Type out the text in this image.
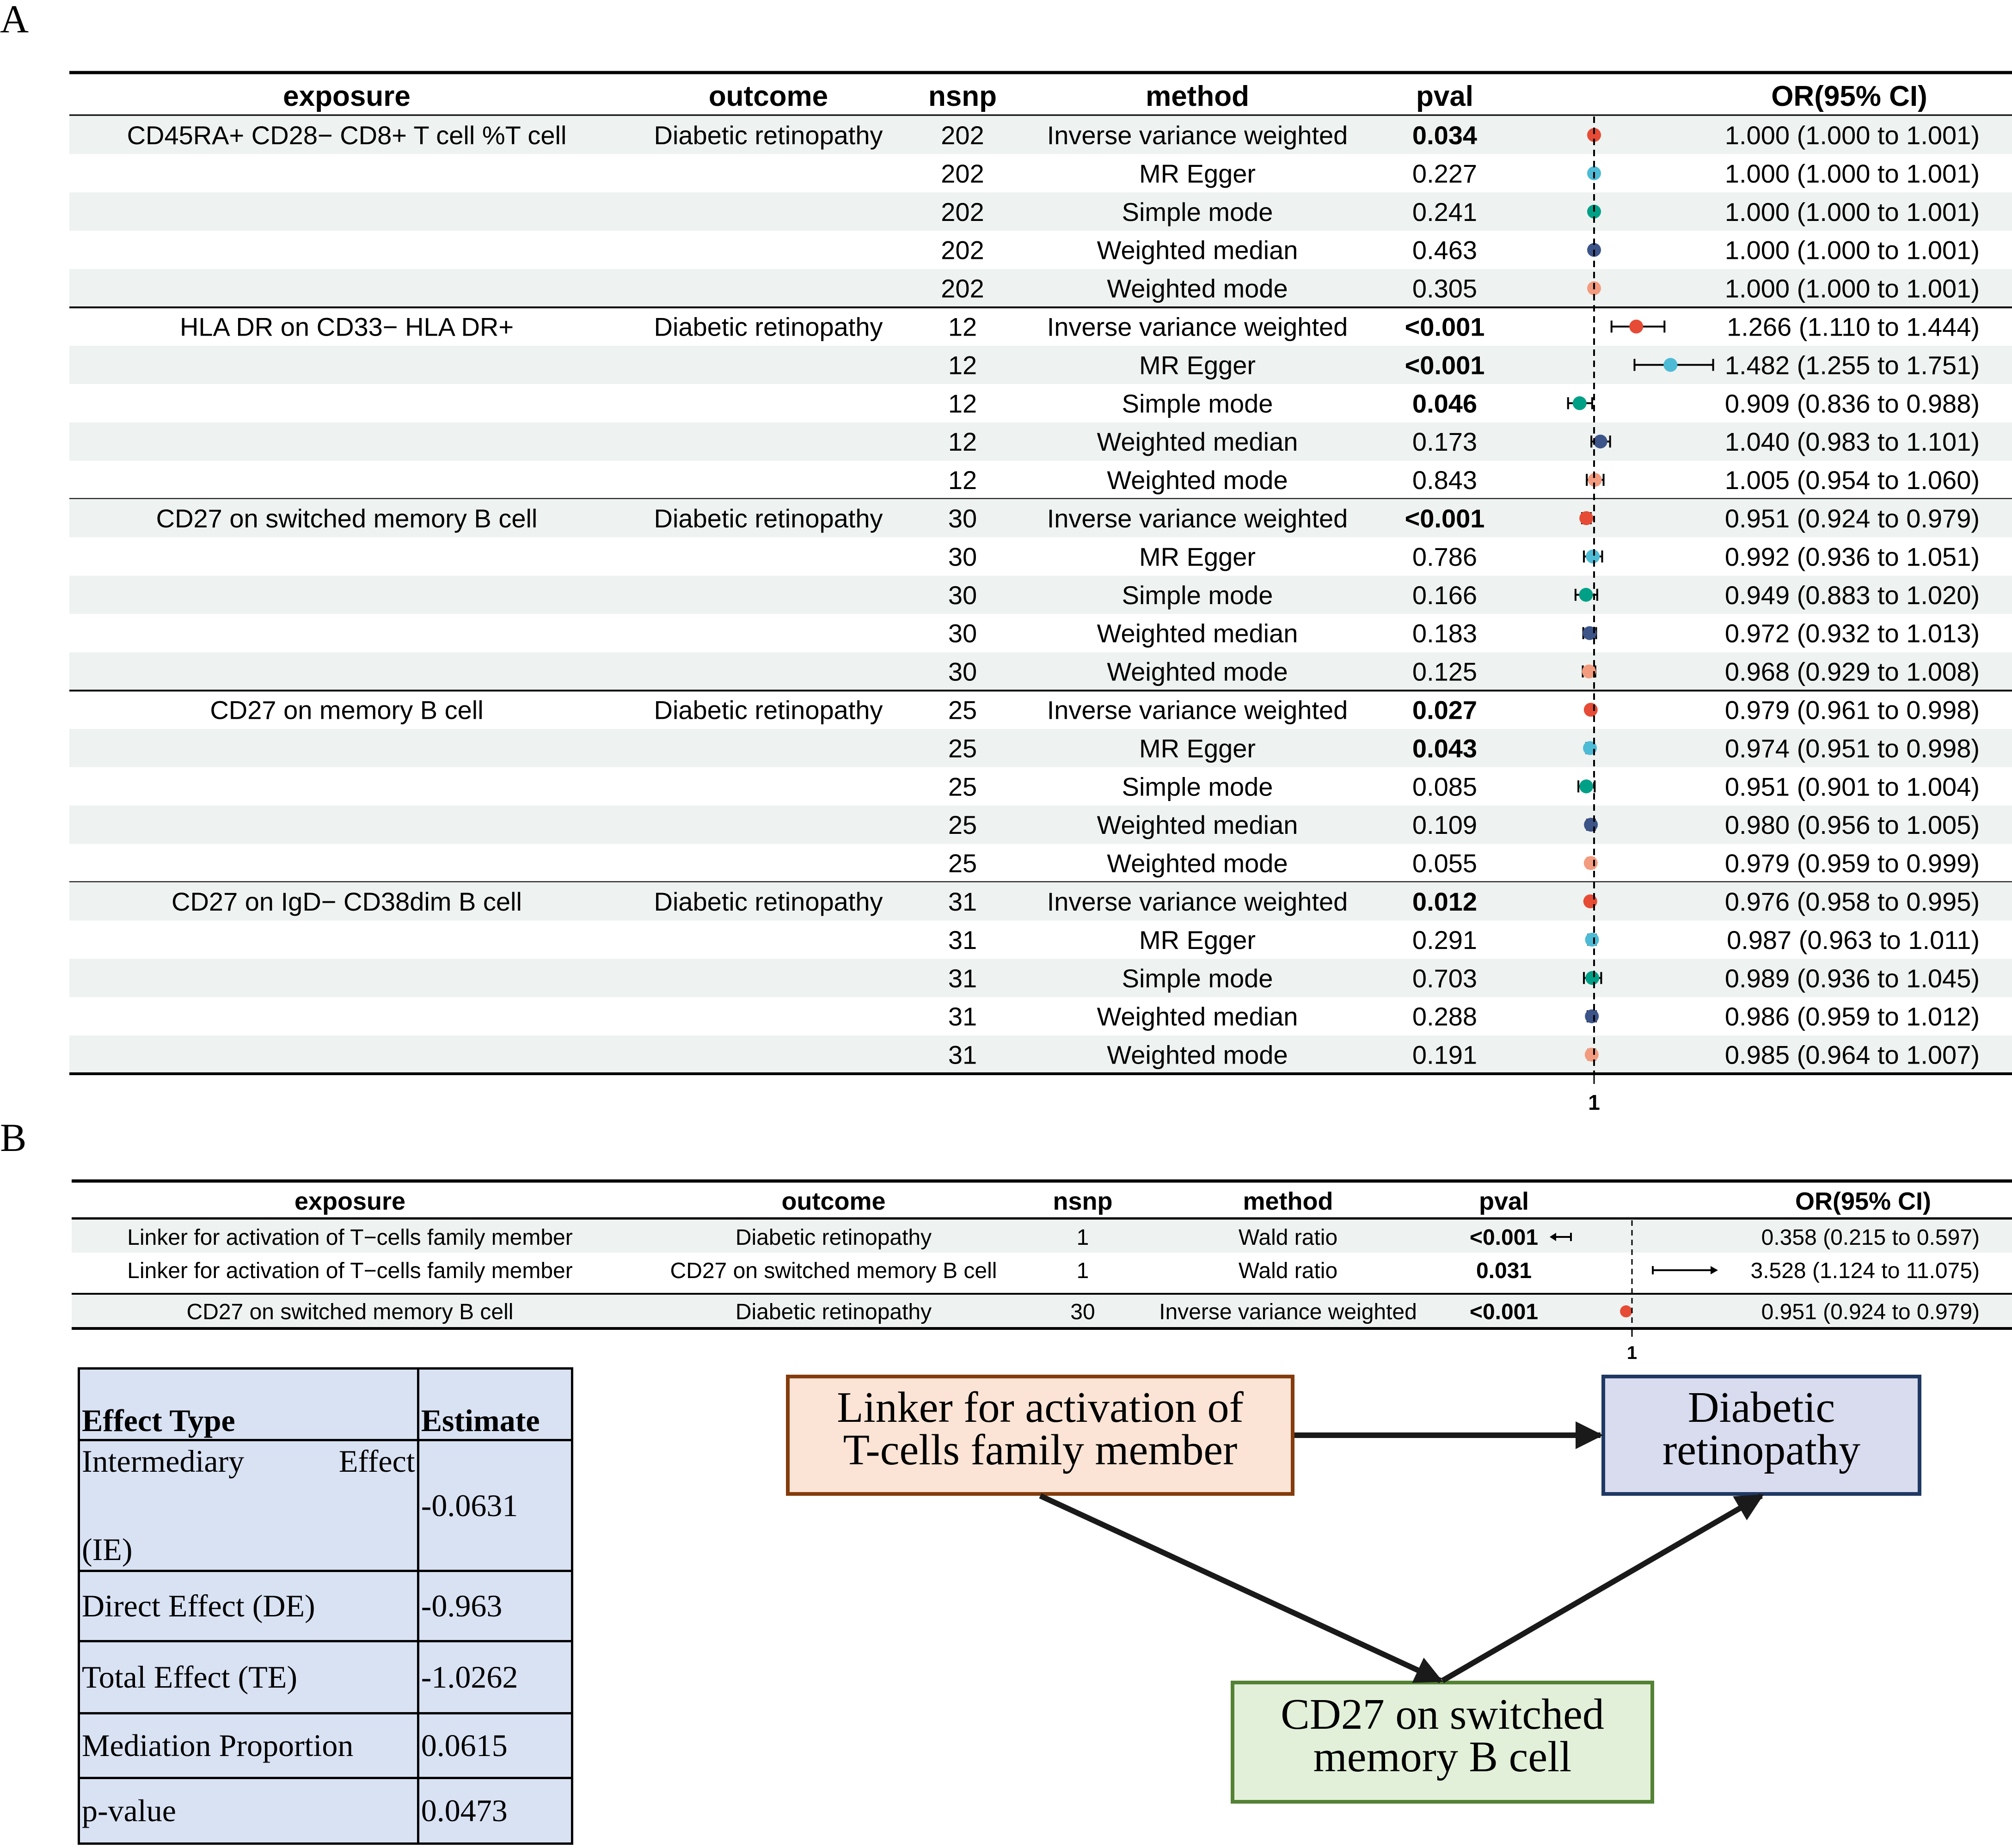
A
exposure	outcome	nsnp	method	pval	OR(95% CI)
CD45RA+ CD28− CD8+ T cell %T cell	Diabetic retinopathy 202 Inverse variance weighted 0.034	1.000 (1.000 to 1.001)
202	MR Egger	0.227	1.000 (1.000 to 1.001)
202	Simple mode	0.241	1.000 (1.000 to 1.001)
202	Weighted median	0.463	1.000 (1.000 to 1.001)
202	Weighted mode	0.305	1.000 (1.000 to 1.001)
HLA DR on CD33− HLA DR+	Diabetic retinopathy	12	Inverse variance weighted <0.001	1.266 (1.110 to 1.444)
12	MR Egger	<0.001	1.482 (1.255 to 1.751)
12	Simple mode	0.046	0.909 (0.836 to 0.988)
12	Weighted median	0.173	1.040 (0.983 to 1.101)
12	Weighted mode	0.843	1.005 (0.954 to 1.060)
CD27 on switched memory B cell	Diabetic retinopathy	30	Inverse variance weighted <0.001	0.951 (0.924 to 0.979)
30	MR Egger	0.786	0.992 (0.936 to 1.051)
30	Simple mode	0.166	0.949 (0.883 to 1.020)
30	Weighted median	0.183	0.972 (0.932 to 1.013)
30	Weighted mode	0.125	0.968 (0.929 to 1.008)
CD27 on memory B cell	Diabetic retinopathy	25	Inverse variance weighted 0.027	0.979 (0.961 to 0.998)
25	MR Egger	0.043	0.974 (0.951 to 0.998)
25	Simple mode	0.085	0.951 (0.901 to 1.004)
25	Weighted median	0.109	0.980 (0.956 to 1.005)
25	Weighted mode	0.055	0.979 (0.959 to 0.999)
CD27 on IgD− CD38dim B cell	Diabetic retinopathy	31	Inverse variance weighted 0.012	0.976 (0.958 to 0.995)
31	MR Egger	0.291	0.987 (0.963 to 1.011)
31	Simple mode	0.703	0.989 (0.936 to 1.045)
31	Weighted median	0.288	0.986 (0.959 to 1.012)
31	Weighted mode	0.191	0.985 (0.964 to 1.007)
1
B
exposure	outcome	nsnp	method	pval	OR(95% CI)
Linker for activation of T−cells family member	Diabetic retinopathy	1	Wald ratio	<0.001	0.358 (0.215 to 0.597)
Linker for activation of T−cells family member	CD27 on switched memory B cell	1	Wald ratio	0.031	3.528 (1.124 to 11.075)
CD27 on switched memory B cell	Diabetic retinopathy	30	Inverse variance weighted <0.001	0.951 (0.924 to 0.979)
1
Linker for activation of
T-cells family member
Diabetic
retinopathy
CD27 on switched
memory B cell
Effect Type	Estimate

Intermediary Effect
(IE)	-0.0631
Direct Effect (DE)	-0.963
Total Effect (TE)	-1.0262
Mediation Proportion	0.0615
p-value	0.0473
